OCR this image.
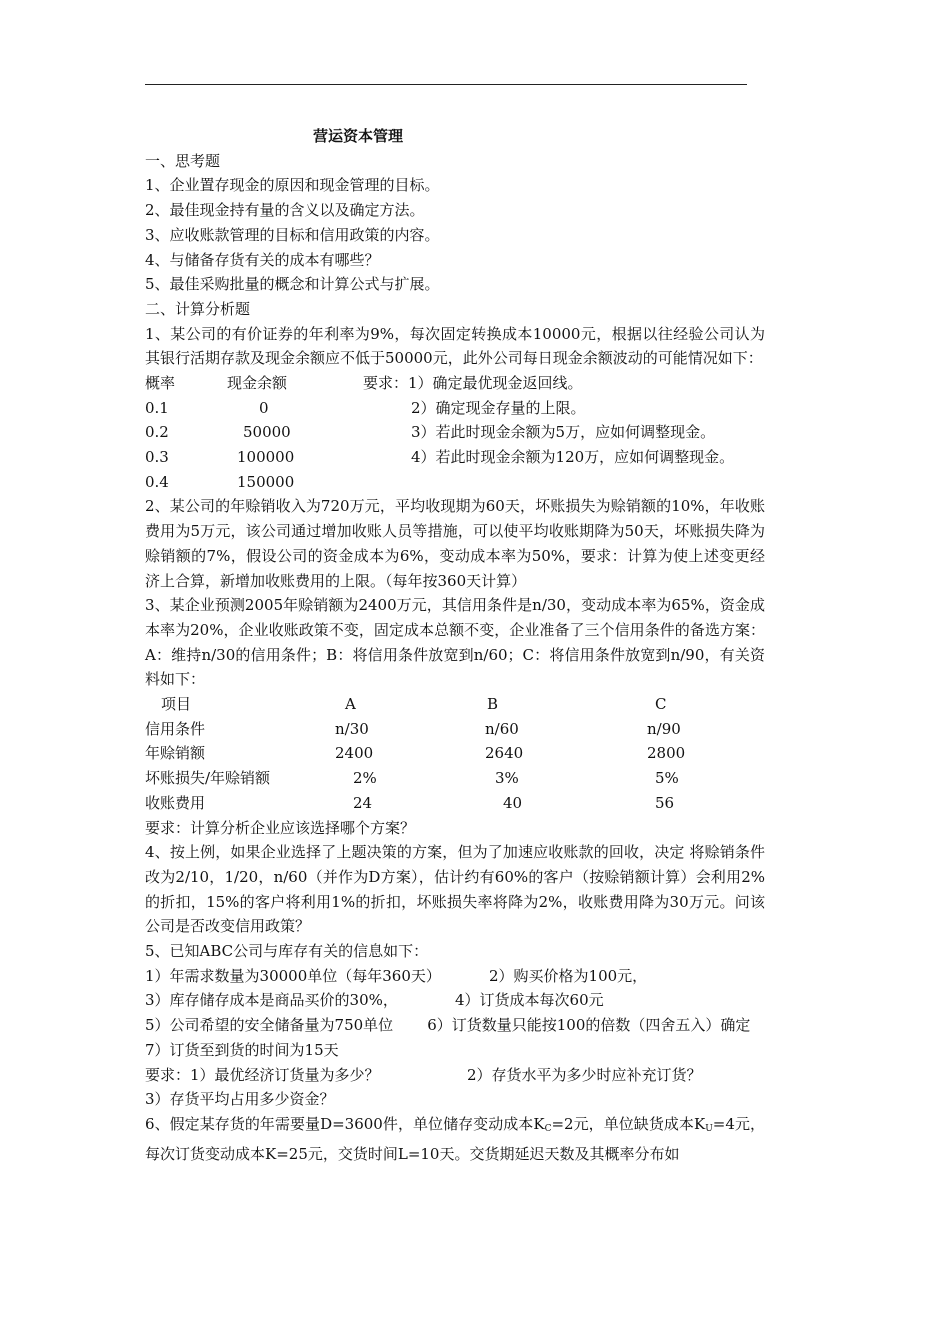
营运资本管理
一、思考题
1、企业置存现金的原因和现金管理的目标。
2、最佳现金持有量的含义以及确定方法。
3、应收账款管理的目标和信用政策的内容。
4、与储备存货有关的成本有哪些？
5、最佳采购批量的概念和计算公式与扩展。
二、计算分析题
1、某公司的有价证券的年利率为9%，每次固定转换成本10000元，根据以往经验公司认为其银行活期存款及现金余额应不低于50000元，此外公司每日现金余额波动的可能情况如下：
概率	现金余额	要求：1）确定最优现金返回线。
0.1	0	2）确定现金存量的上限。
0.2	50000	3）若此时现金余额为5万，应如何调整现金。
0.3	100000	4）若此时现金余额为120万，应如何调整现金。
0.4	150000
2、某公司的年赊销收入为720万元，平均收现期为60天，坏账损失为赊销额的10%，年收账费用为5万元，该公司通过增加收账人员等措施，可以使平均收账期降为50天，坏账损失降为赊销额的7%，假设公司的资金成本为6%，变动成本率为50%，要求：计算为使上述变更经济上合算，新增加收账费用的上限。（每年按360天计算）
3、某企业预测2005年赊销额为2400万元，其信用条件是n/30，变动成本率为65%，资金成本率为20%，企业收账政策不变，固定成本总额不变，企业准备了三个信用条件的备选方案：A：维持n/30的信用条件；B：将信用条件放宽到n/60；C：将信用条件放宽到n/90，有关资料如下：
项目	A	B	C
信用条件	n/30	n/60	n/90
年赊销额	2400	2640	2800
坏账损失/年赊销额	2%	3%	5%
收账费用	24	40	56
要求：计算分析企业应该选择哪个方案？
4、按上例，如果企业选择了上题决策的方案，但为了加速应收账款的回收，决定 将赊销条件改为2/10，1/20，n/60（并作为D方案），估计约有60%的客户（按赊销额计算）会利用2%的折扣，15%的客户将利用1%的折扣，坏账损失率将降为2%，收账费用降为30万元。问该公司是否改变信用政策？
5、已知ABC公司与库存有关的信息如下：
1）年需求数量为30000单位（每年360天）	2）购买价格为100元，
3）库存储存成本是商品买价的30%，	4）订货成本每次60元
5）公司希望的安全储备量为750单位 6）订货数量只能按100的倍数（四舍五入）确定
7）订货至到货的时间为15天
要求：1）最优经济订货量为多少？	2）存货水平为多少时应补充订货？
3）存货平均占用多少资金？
6、假定某存货的年需要量D=3600件，单位储存变动成本$K_C=2$元，单位缺货成本$K_U=4$元，每次订货变动成本K=25元，交货时间L=10天。交货期延迟天数及其概率分布如
